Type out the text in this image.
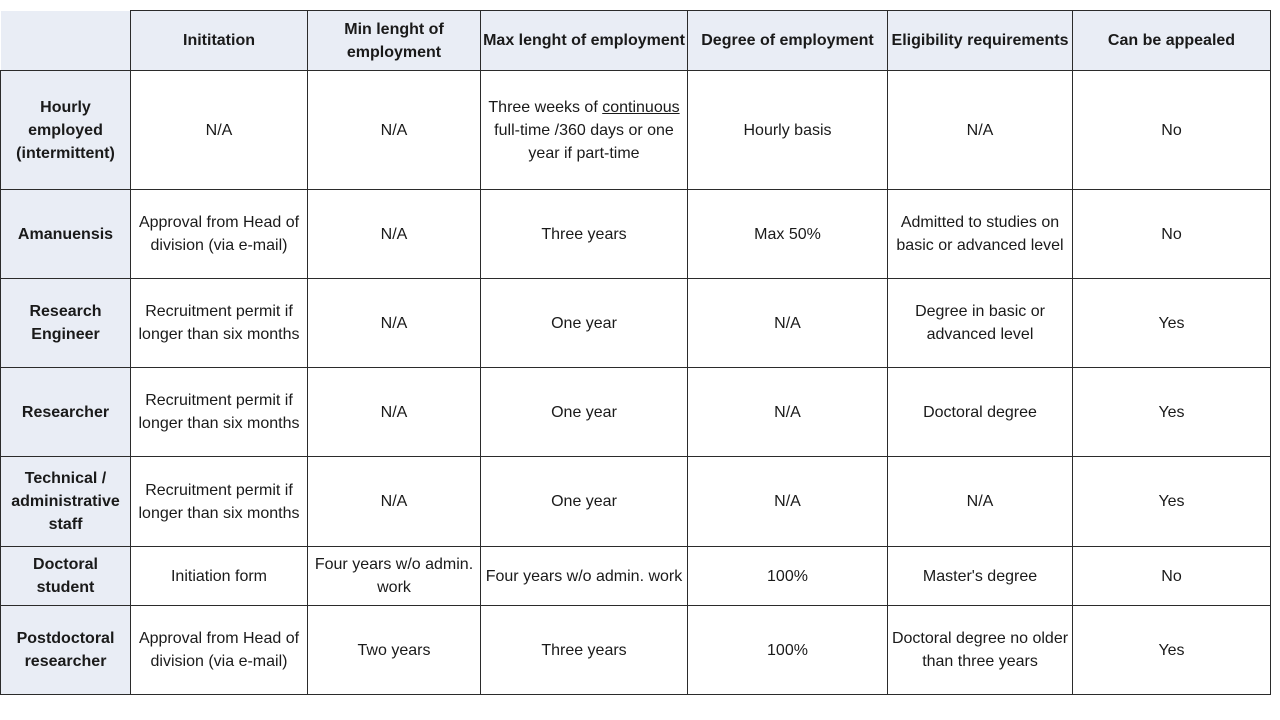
	Inititation	Min lenght of employment	Max lenght of employment	Degree of employment	Eligibility requirements	Can be appealed
Hourly employed (intermittent)	N/A	N/A	Three weeks of continuous full-time /360 days or one year if part-time	Hourly basis	N/A	No
Amanuensis	Approval from Head of division (via e-mail)	N/A	Three years	Max 50%	Admitted to studies on basic or advanced level	No
Research Engineer	Recruitment permit if longer than six months	N/A	One year	N/A	Degree in basic or advanced level	Yes
Researcher	Recruitment permit if longer than six months	N/A	One year	N/A	Doctoral degree	Yes
Technical / administrative staff	Recruitment permit if longer than six months	N/A	One year	N/A	N/A	Yes
Doctoral student	Initiation form	Four years w/o admin. work	Four years w/o admin. work	100%	Master's degree	No
Postdoctoral researcher	Approval from Head of division (via e-mail)	Two years	Three years	100%	Doctoral degree no older than three years	Yes
